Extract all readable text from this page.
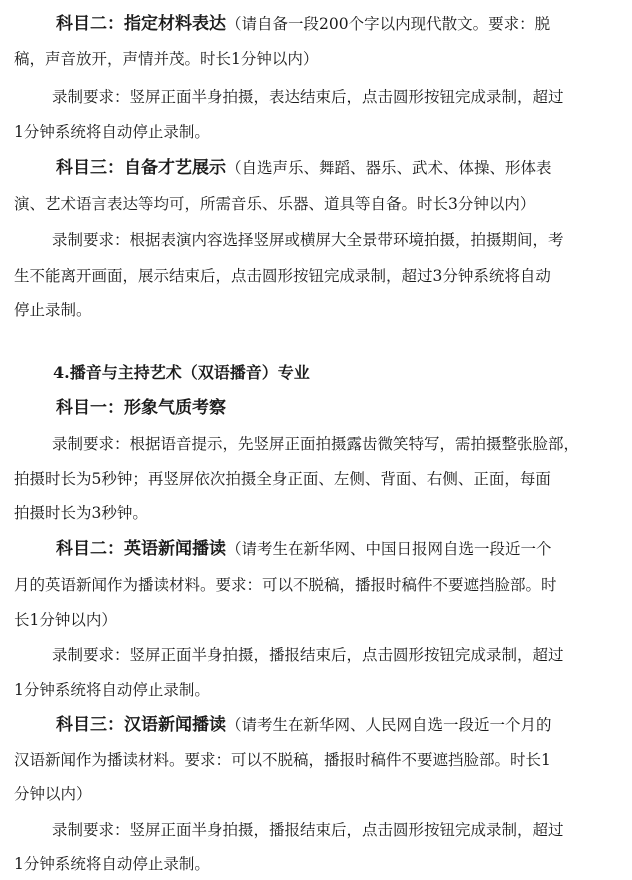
科目二：指定材料表达（请自备一段200个字以内现代散文。要求：脱
稿，声音放开，声情并茂。时长1分钟以内）
录制要求：竖屏正面半身拍摄，表达结束后，点击圆形按钮完成录制，超过
1分钟系统将自动停止录制。
科目三：自备才艺展示（自选声乐、舞蹈、器乐、武术、体操、形体表
演、艺术语言表达等均可，所需音乐、乐器、道具等自备。时长3分钟以内）
录制要求：根据表演内容选择竖屏或横屏大全景带环境拍摄，拍摄期间，考
生不能离开画面，展示结束后，点击圆形按钮完成录制，超过3分钟系统将自动
停止录制。
4.播音与主持艺术（双语播音）专业
科目一：形象气质考察
录制要求：根据语音提示，先竖屏正面拍摄露齿微笑特写，需拍摄整张脸部，
拍摄时长为5秒钟；再竖屏依次拍摄全身正面、左侧、背面、右侧、正面，每面
拍摄时长为3秒钟。
科目二：英语新闻播读（请考生在新华网、中国日报网自选一段近一个
月的英语新闻作为播读材料。要求：可以不脱稿，播报时稿件不要遮挡脸部。时
长1分钟以内）
录制要求：竖屏正面半身拍摄，播报结束后，点击圆形按钮完成录制，超过
1分钟系统将自动停止录制。
科目三：汉语新闻播读（请考生在新华网、人民网自选一段近一个月的
汉语新闻作为播读材料。要求：可以不脱稿，播报时稿件不要遮挡脸部。时长1
分钟以内）
录制要求：竖屏正面半身拍摄，播报结束后，点击圆形按钮完成录制，超过
1分钟系统将自动停止录制。
